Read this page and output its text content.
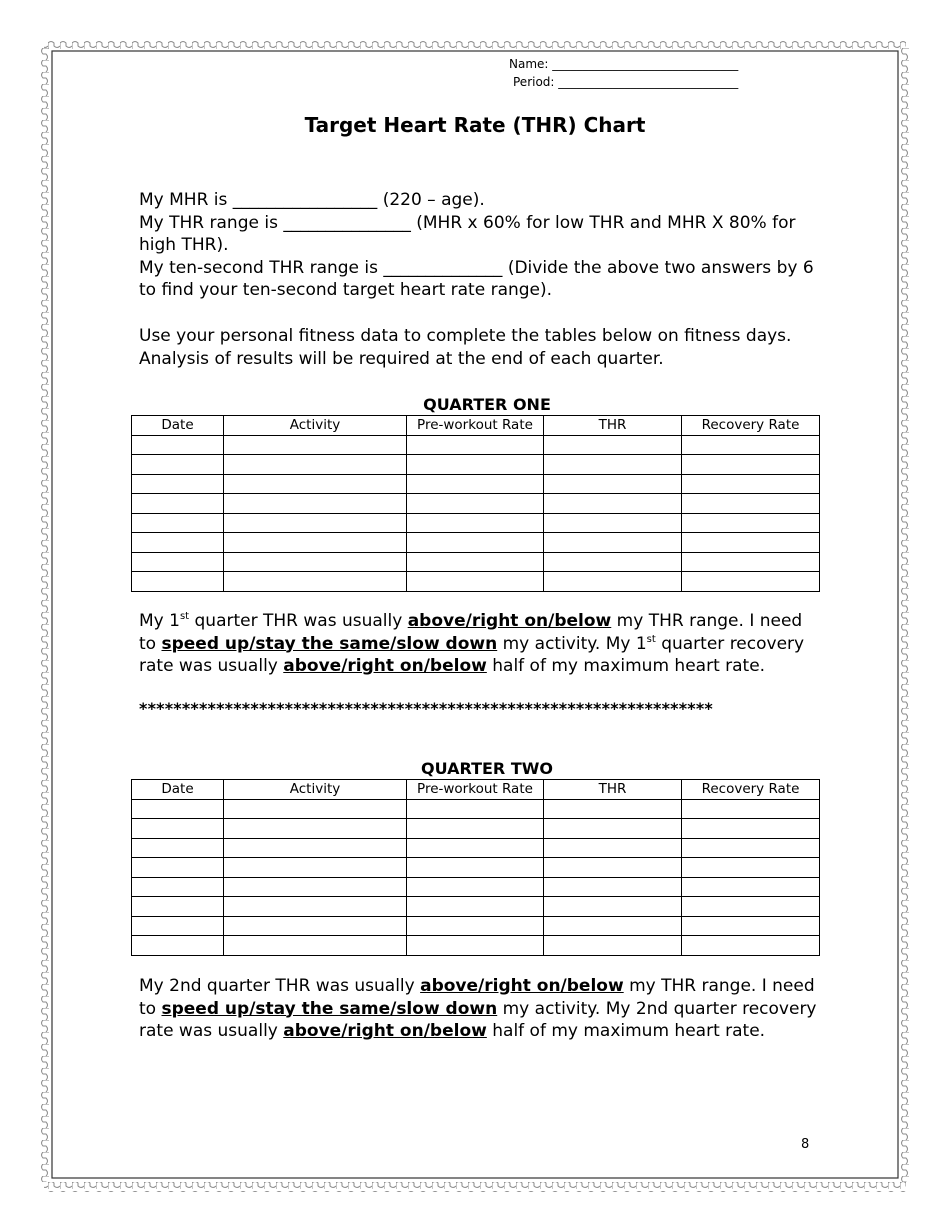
Name: _______________________________
Period: ______________________________
Target Heart Rate (THR) Chart
My MHR is _________________ (220 – age).
My THR range is _______________ (MHR x 60% for low THR and MHR X 80% for high THR).
My ten-second THR range is ______________ (Divide the above two answers by 6 to find your ten-second target heart rate range).
Use your personal fitness data to complete the tables below on fitness days.
Analysis of results will be required at the end of each quarter.
QUARTER ONE
Date	Activity	Pre-workout Rate	THR	Recovery Rate

My 1st quarter THR was usually above/right on/below my THR range. I need to speed up/stay the same/slow down my activity. My 1st quarter recovery rate was usually above/right on/below half of my maximum heart rate.
*******************************************************************
QUARTER TWO
Date	Activity	Pre-workout Rate	THR	Recovery Rate

My 2nd quarter THR was usually above/right on/below my THR range. I need to speed up/stay the same/slow down my activity. My 2nd quarter recovery rate was usually above/right on/below half of my maximum heart rate.
8
